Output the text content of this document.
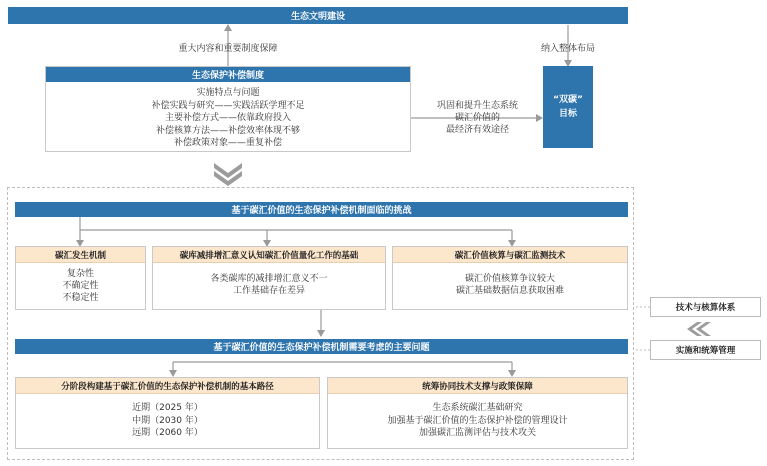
生态文明建设
重大内容和重要制度保障	纳入整体布局
生态保护补偿制度
实施特点与问题
补偿实践与研究——实践活跃学理不足
主要补偿方式——依靠政府投入
补偿核算方法——补偿效率体现不够
补偿政策对象——重复补偿
巩固和提升生态系统
碳汇价值的
最经济有效途径
“双碳”
目标
基于碳汇价值的生态保护补偿机制面临的挑战
碳汇发生机制
复杂性
不确定性
不稳定性
碳库减排增汇意义认知碳汇价值量化工作的基础
各类碳库的减排增汇意义不一
工作基础存在差异
碳汇价值核算与碳汇监测技术
碳汇价值核算争议较大
碳汇基础数据信息获取困难
基于碳汇价值的生态保护补偿机制需要考虑的主要问题
分阶段构建基于碳汇价值的生态保护补偿机制的基本路径
近期（2025 年）
中期（2030 年）
远期（2060 年）
统筹协同技术支撑与政策保障
生态系统碳汇基础研究
加强基于碳汇价值的生态保护补偿的管理设计
加强碳汇监测评估与技术攻关
技术与核算体系
实施和统筹管理
